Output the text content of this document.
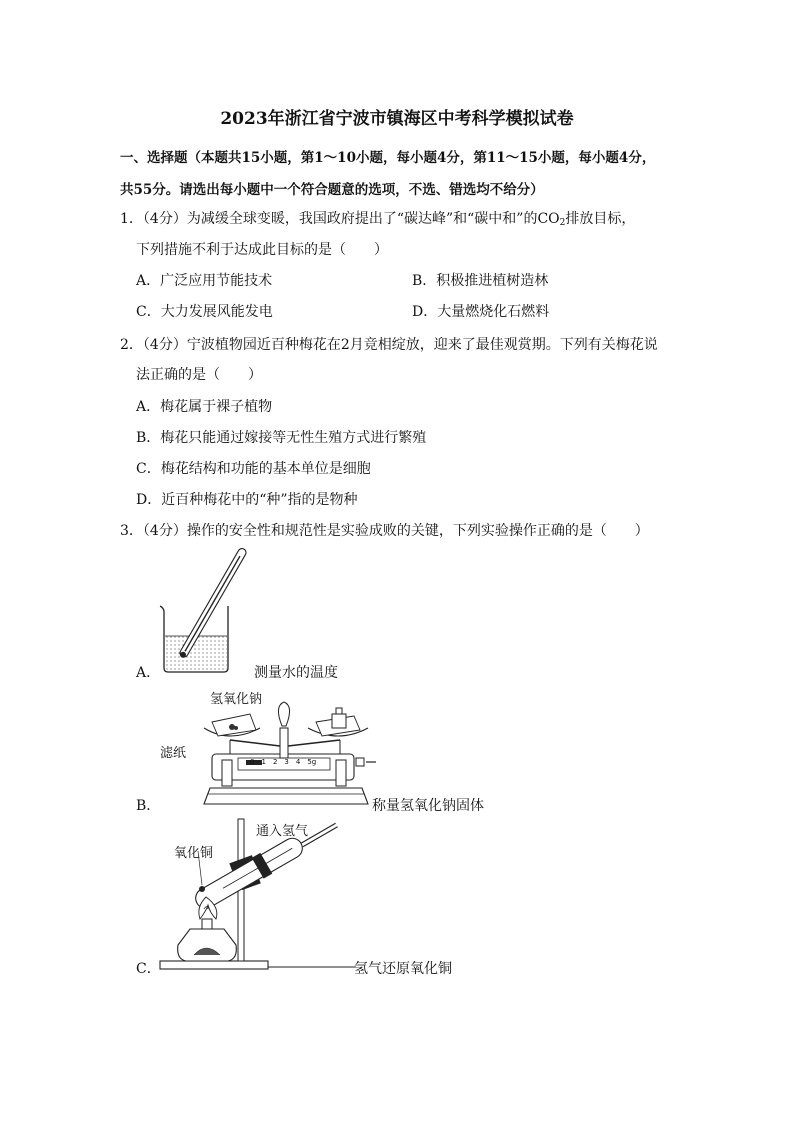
2023年浙江省宁波市镇海区中考科学模拟试卷
一、选择题（本题共15小题，第1～10小题，每小题4分，第11～15小题，每小题4分，
共55分。请选出每小题中一个符合题意的选项，不选、错选均不给分）
1．（4分）为减缓全球变暖，我国政府提出了“碳达峰”和“碳中和”的$CO_2$排放目标，
下列措施不利于达成此目标的是（　　）
A．广泛应用节能技术	B．积极推进植树造林
C．大力发展风能发电	D．大量燃烧化石燃料
2．（4分）宁波植物园近百种梅花在2月竞相绽放，迎来了最佳观赏期。下列有关梅花说
法正确的是（　　）
A．梅花属于裸子植物
B．梅花只能通过嫁接等无性生殖方式进行繁殖
C．梅花结构和功能的基本单位是细胞
D．近百种梅花中的“种”指的是物种
3．（4分）操作的安全性和规范性是实验成败的关键，下列实验操作正确的是（　　）
A．	测量水的温度
氢氧化钠
滤纸
0 1 2 3 4 5g
B．	称量氢氧化钠固体
氧化铜
通入氢气
C．	氢气还原氧化铜
